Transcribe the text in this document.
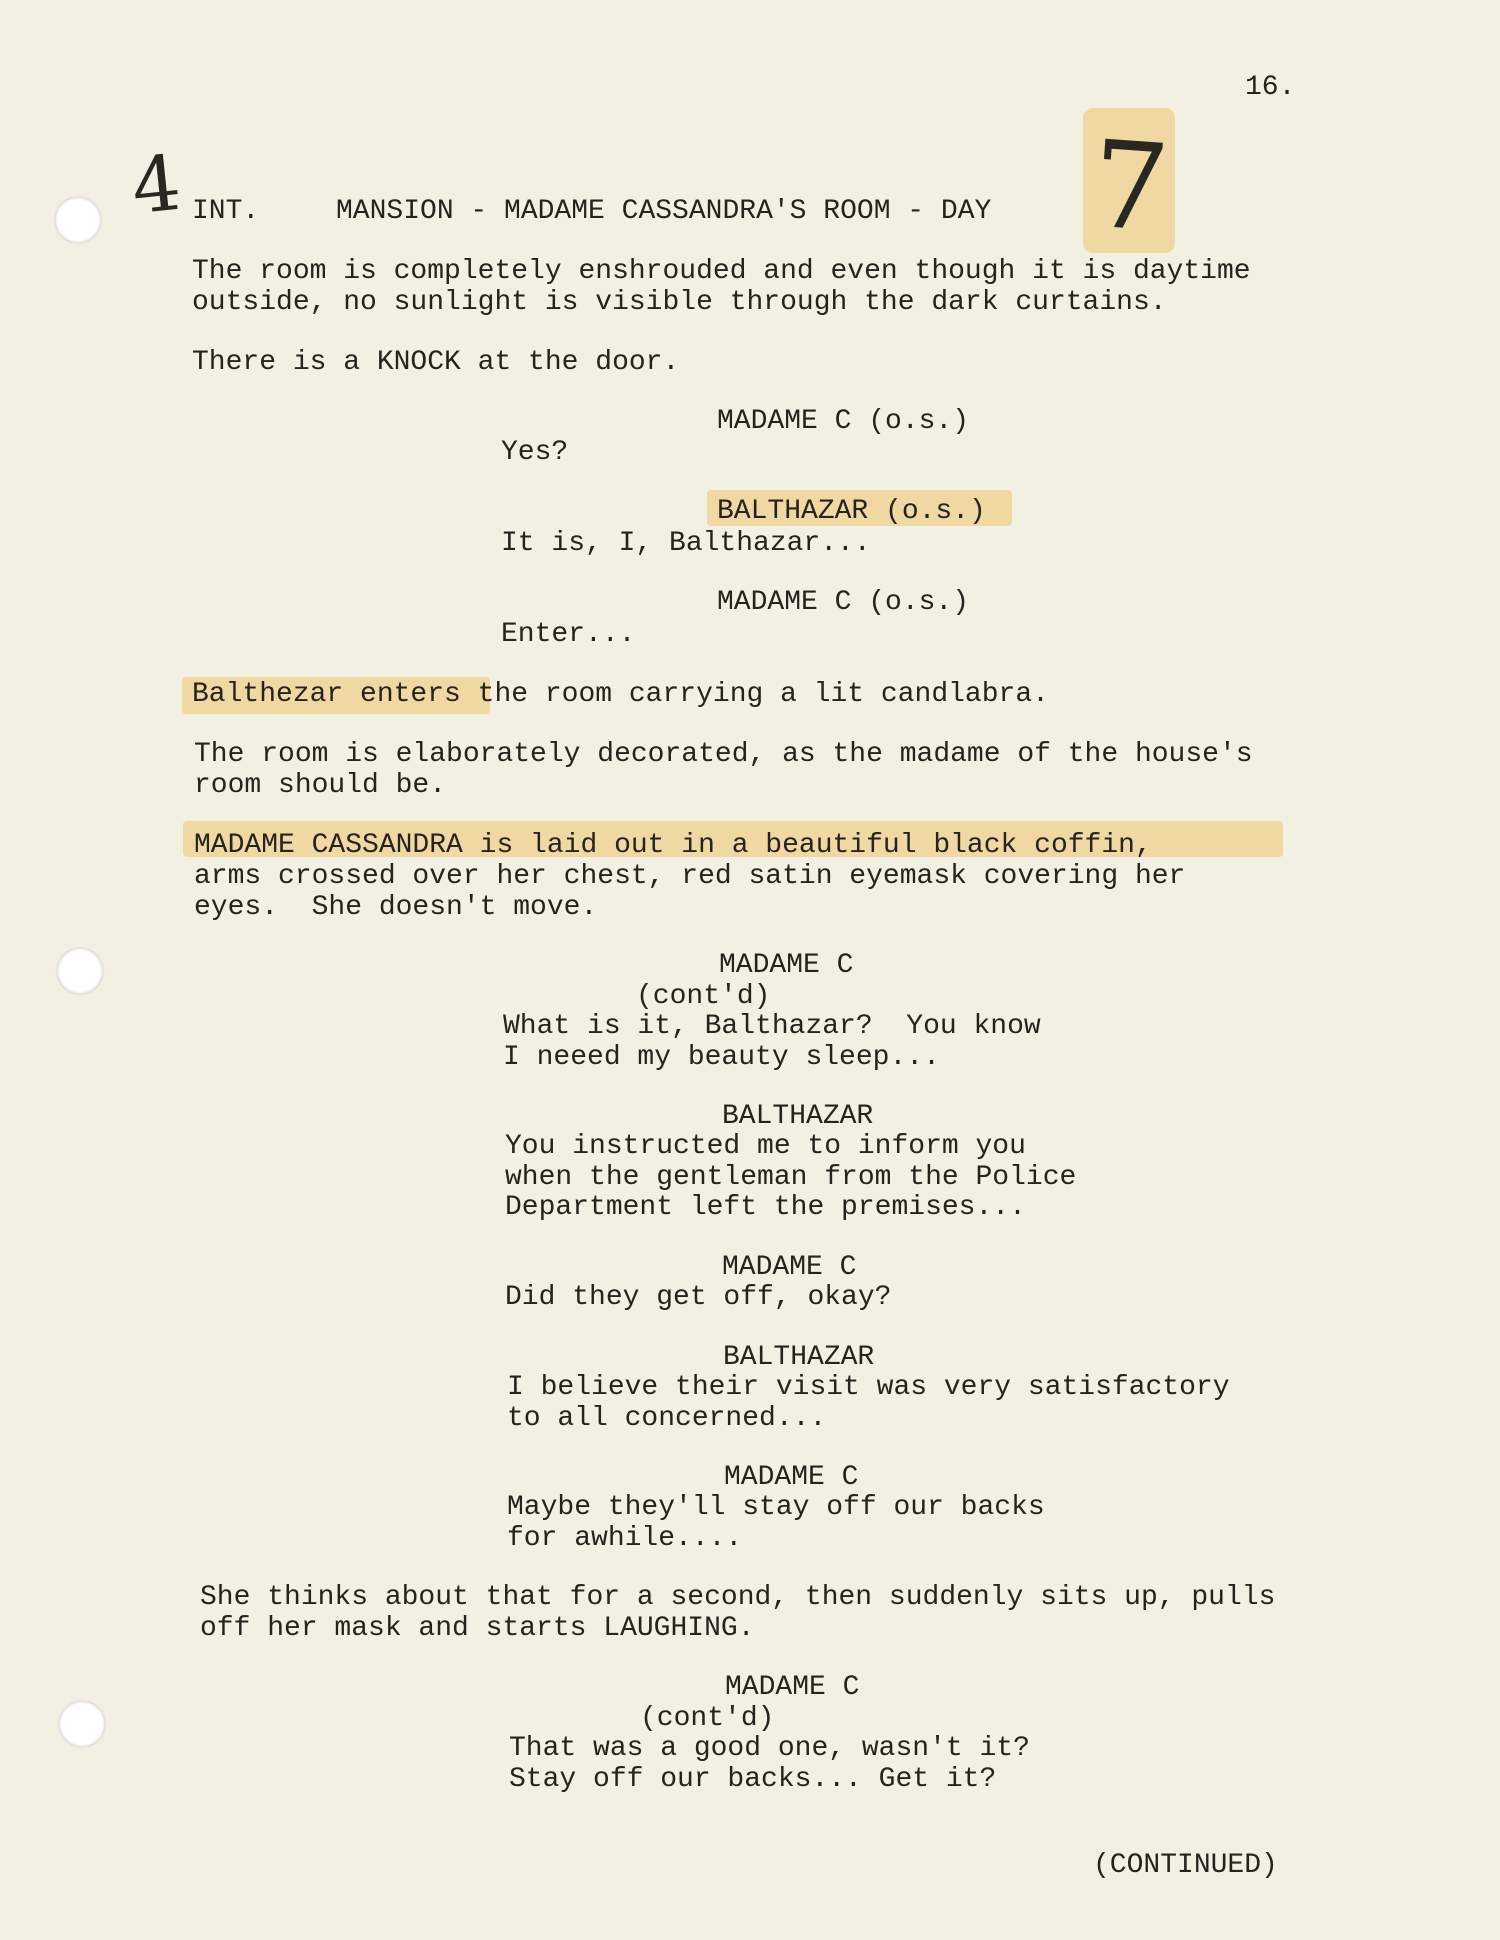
4	7
16.
INT.	MANSION - MADAME CASSANDRA'S ROOM - DAY
The room is completely enshrouded and even though it is daytime
outside, no sunlight is visible through the dark curtains.
There is a KNOCK at the door.
MADAME C (o.s.)
Yes?
BALTHAZAR (o.s.)
It is, I, Balthazar...
MADAME C (o.s.)
Enter...
Balthezar enters the room carrying a lit candlabra.
The room is elaborately decorated, as the madame of the house's
room should be.
MADAME CASSANDRA is laid out in a beautiful black coffin,
arms crossed over her chest, red satin eyemask covering her
eyes.  She doesn't move.
MADAME C
(cont'd)
What is it, Balthazar?  You know
I neeed my beauty sleep...
BALTHAZAR
You instructed me to inform you
when the gentleman from the Police
Department left the premises...
MADAME C
Did they get off, okay?
BALTHAZAR
I believe their visit was very satisfactory
to all concerned...
MADAME C
Maybe they'll stay off our backs
for awhile....
She thinks about that for a second, then suddenly sits up, pulls
off her mask and starts LAUGHING.
MADAME C
(cont'd)
That was a good one, wasn't it?
Stay off our backs... Get it?
(CONTINUED)
